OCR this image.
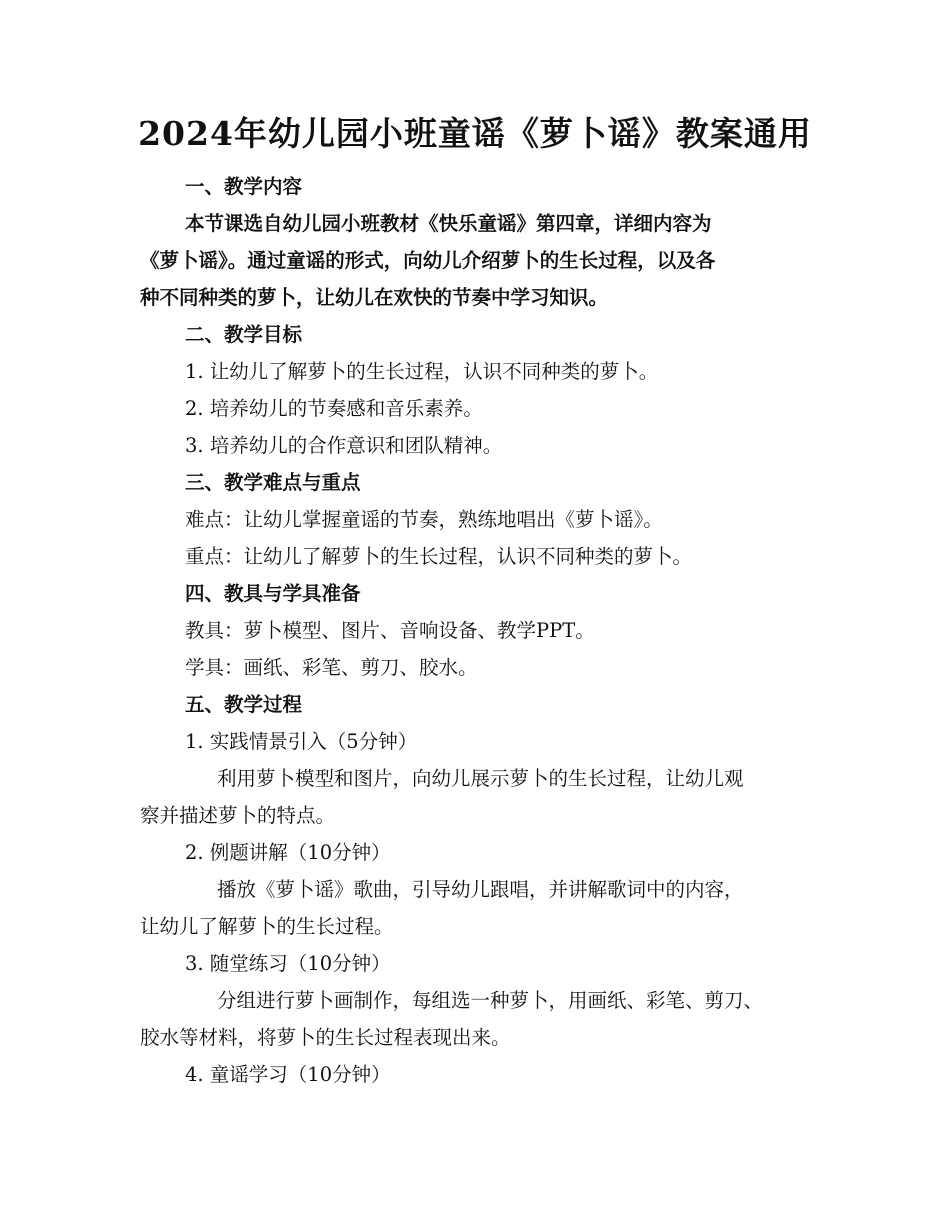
2024年幼儿园小班童谣《萝卜谣》教案通用
一、教学内容
本节课选自幼儿园小班教材《快乐童谣》第四章，详细内容为
《萝卜谣》。通过童谣的形式，向幼儿介绍萝卜的生长过程，以及各
种不同种类的萝卜，让幼儿在欢快的节奏中学习知识。
二、教学目标
1. 让幼儿了解萝卜的生长过程，认识不同种类的萝卜。
2. 培养幼儿的节奏感和音乐素养。
3. 培养幼儿的合作意识和团队精神。
三、教学难点与重点
难点：让幼儿掌握童谣的节奏，熟练地唱出《萝卜谣》。
重点：让幼儿了解萝卜的生长过程，认识不同种类的萝卜。
四、教具与学具准备
教具：萝卜模型、图片、音响设备、教学PPT。
学具：画纸、彩笔、剪刀、胶水。
五、教学过程
1. 实践情景引入（5分钟）
利用萝卜模型和图片，向幼儿展示萝卜的生长过程，让幼儿观
察并描述萝卜的特点。
2. 例题讲解（10分钟）
播放《萝卜谣》歌曲，引导幼儿跟唱，并讲解歌词中的内容，
让幼儿了解萝卜的生长过程。
3. 随堂练习（10分钟）
分组进行萝卜画制作，每组选一种萝卜，用画纸、彩笔、剪刀、
胶水等材料，将萝卜的生长过程表现出来。
4. 童谣学习（10分钟）
